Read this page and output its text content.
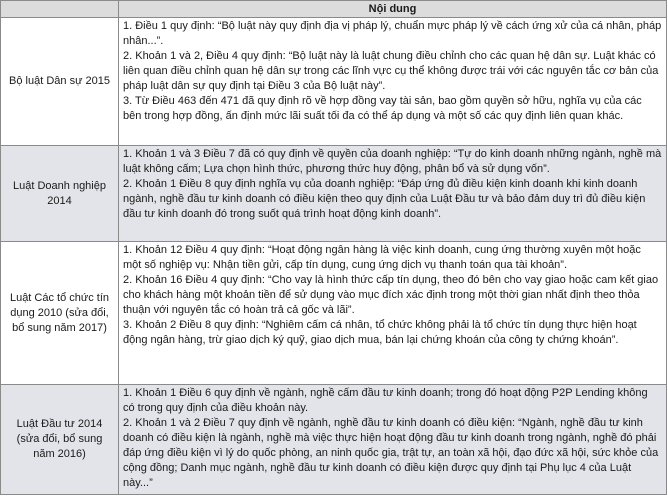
	Nội dung
Bộ luật Dân sự 2015	1. Điều 1 quy định: “Bộ luật này quy định địa vị pháp lý, chuẩn mực pháp lý về cách ứng xử của cá nhân, pháp nhân...”.

2. Khoản 1 và 2, Điều 4 quy định: “Bộ luật này là luật chung điều chỉnh cho các quan hệ dân sự. Luật khác có liên quan điều chỉnh quan hệ dân sự trong các lĩnh vực cụ thể không được trái với các nguyên tắc cơ bản của pháp luật dân sự quy định tại Điều 3 của Bộ luật này”.

3. Từ Điều 463 đến 471 đã quy định rõ về hợp đồng vay tài sản, bao gồm quyền sở hữu, nghĩa vụ của các bên trong hợp đồng, ấn định mức lãi suất tối đa có thể áp dụng và một số các quy định liên quan khác.

Luật Doanh nghiệp 2014	1. Khoản 1 và 3 Điều 7 đã có quy định về quyền của doanh nghiệp: “Tự do kinh doanh những ngành, nghề mà luật không cấm; Lựa chọn hình thức, phương thức huy động, phân bổ và sử dụng vốn”.

2. Khoản 1 Điều 8 quy định nghĩa vụ của doanh nghiệp: “Đáp ứng đủ điều kiện kinh doanh khi kinh doanh ngành, nghề đầu tư kinh doanh có điều kiện theo quy định của Luật Đầu tư và bảo đảm duy trì đủ điều kiện đầu tư kinh doanh đó trong suốt quá trình hoạt động kinh doanh”.

Luật Các tổ chức tín dụng 2010 (sửa đổi, bổ sung năm 2017)	1. Khoản 12 Điều 4 quy định: “Hoạt động ngân hàng là việc kinh doanh, cung ứng thường xuyên một hoặc một số nghiệp vụ: Nhận tiền gửi, cấp tín dụng, cung ứng dịch vụ thanh toán qua tài khoản”.

2. Khoản 16 Điều 4 quy định: “Cho vay là hình thức cấp tín dụng, theo đó bên cho vay giao hoặc cam kết giao cho khách hàng một khoản tiền để sử dụng vào mục đích xác định trong một thời gian nhất định theo thỏa thuận với nguyên tắc có hoàn trả cả gốc và lãi”.

3. Khoản 2 Điều 8 quy định: “Nghiêm cấm cá nhân, tổ chức không phải là tổ chức tín dụng thực hiện hoạt động ngân hàng, trừ giao dịch ký quỹ, giao dịch mua, bán lại chứng khoán của công ty chứng khoán”.

Luật Đầu tư 2014 (sửa đổi, bổ sung năm 2016)	1. Khoản 1 Điều 6 quy định về ngành, nghề cấm đầu tư kinh doanh; trong đó hoạt động P2P Lending không có trong quy định của điều khoản này.

2. Khoản 1 và 2 Điều 7 quy định về ngành, nghề đầu tư kinh doanh có điều kiện: “Ngành, nghề đầu tư kinh doanh có điều kiện là ngành, nghề mà việc thực hiện hoạt động đầu tư kinh doanh trong ngành, nghề đó phải đáp ứng điều kiện vì lý do quốc phòng, an ninh quốc gia, trật tự, an toàn xã hội, đạo đức xã hội, sức khỏe của cộng đồng; Danh mục ngành, nghề đầu tư kinh doanh có điều kiện được quy định tại Phụ lục 4 của Luật này...”
